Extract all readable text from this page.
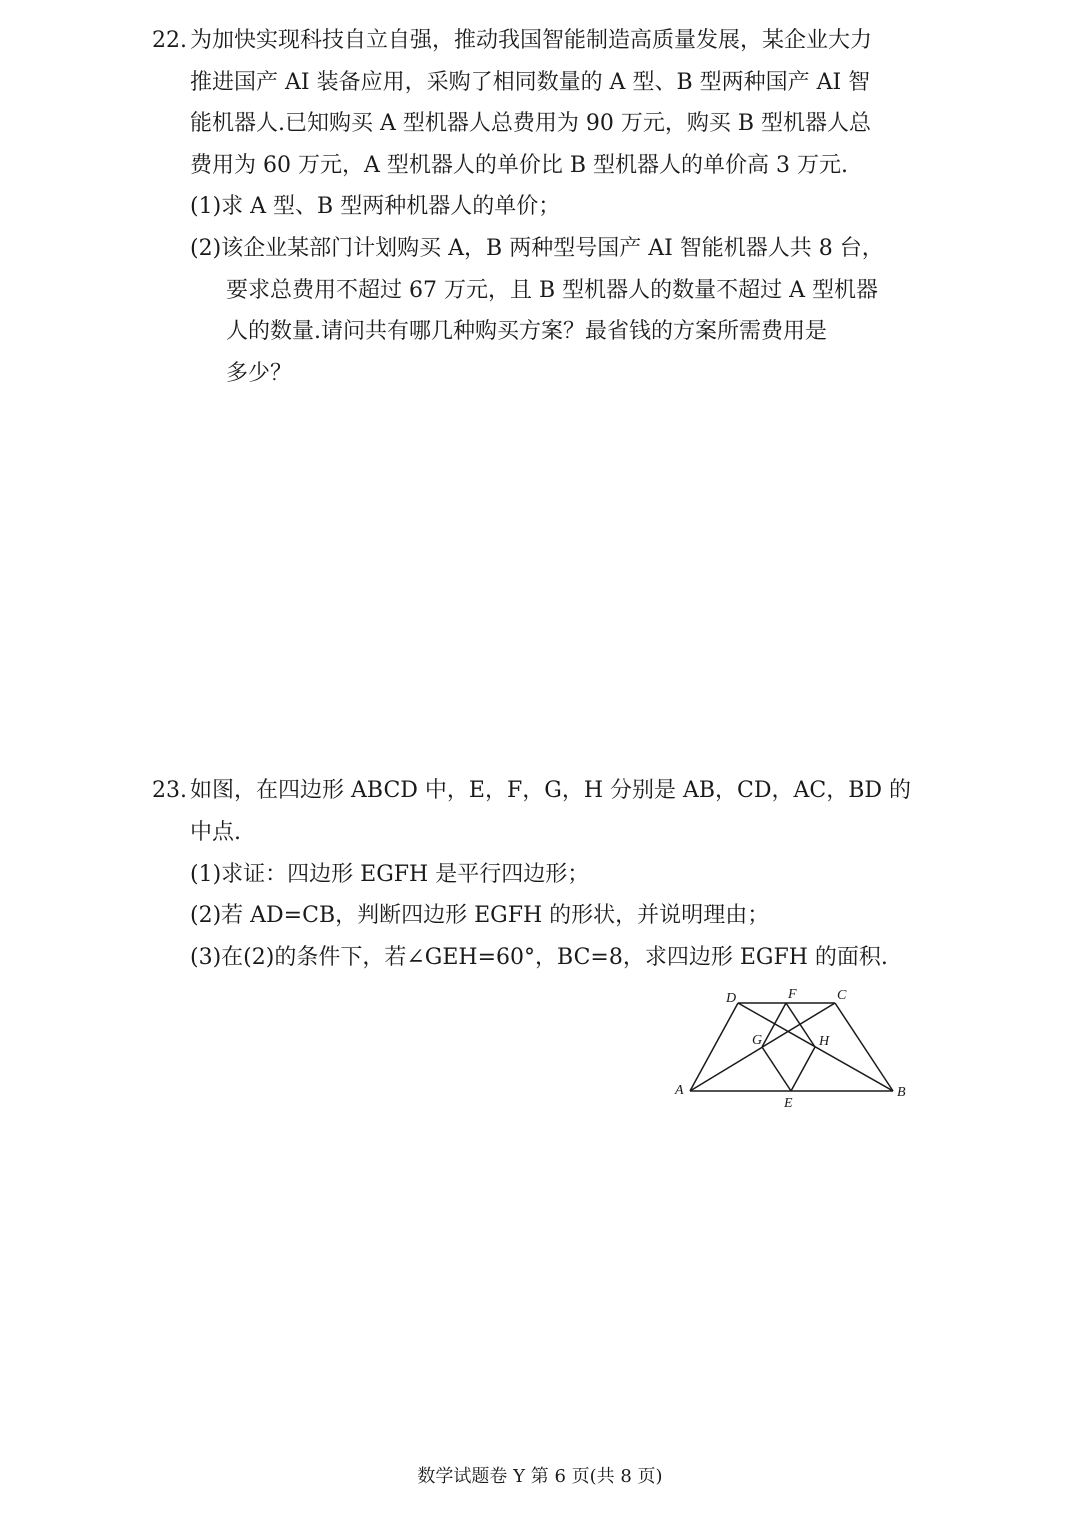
22. 为加快实现科技自立自强，推动我国智能制造高质量发展，某企业大力
推进国产 AI 装备应用，采购了相同数量的 A 型、B 型两种国产 AI 智
能机器人.已知购买 A 型机器人总费用为 90 万元，购买 B 型机器人总
费用为 60 万元，A 型机器人的单价比 B 型机器人的单价高 3 万元.
(1)求 A 型、B 型两种机器人的单价；
(2)该企业某部门计划购买 A，B 两种型号国产 AI 智能机器人共 8 台，
要求总费用不超过 67 万元，且 B 型机器人的数量不超过 A 型机器
人的数量.请问共有哪几种购买方案？最省钱的方案所需费用是
多少？
23. 如图，在四边形 ABCD 中，E，F，G，H 分别是 AB，CD，AC，BD 的
中点.
(1)求证：四边形 EGFH 是平行四边形；
(2)若 AD=CB，判断四边形 EGFH 的形状，并说明理由；
(3)在(2)的条件下，若∠GEH=60°，BC=8，求四边形 EGFH 的面积.
A	B
C
D
E
F
G	H
数学试题卷 Y 第 6 页(共 8 页)
